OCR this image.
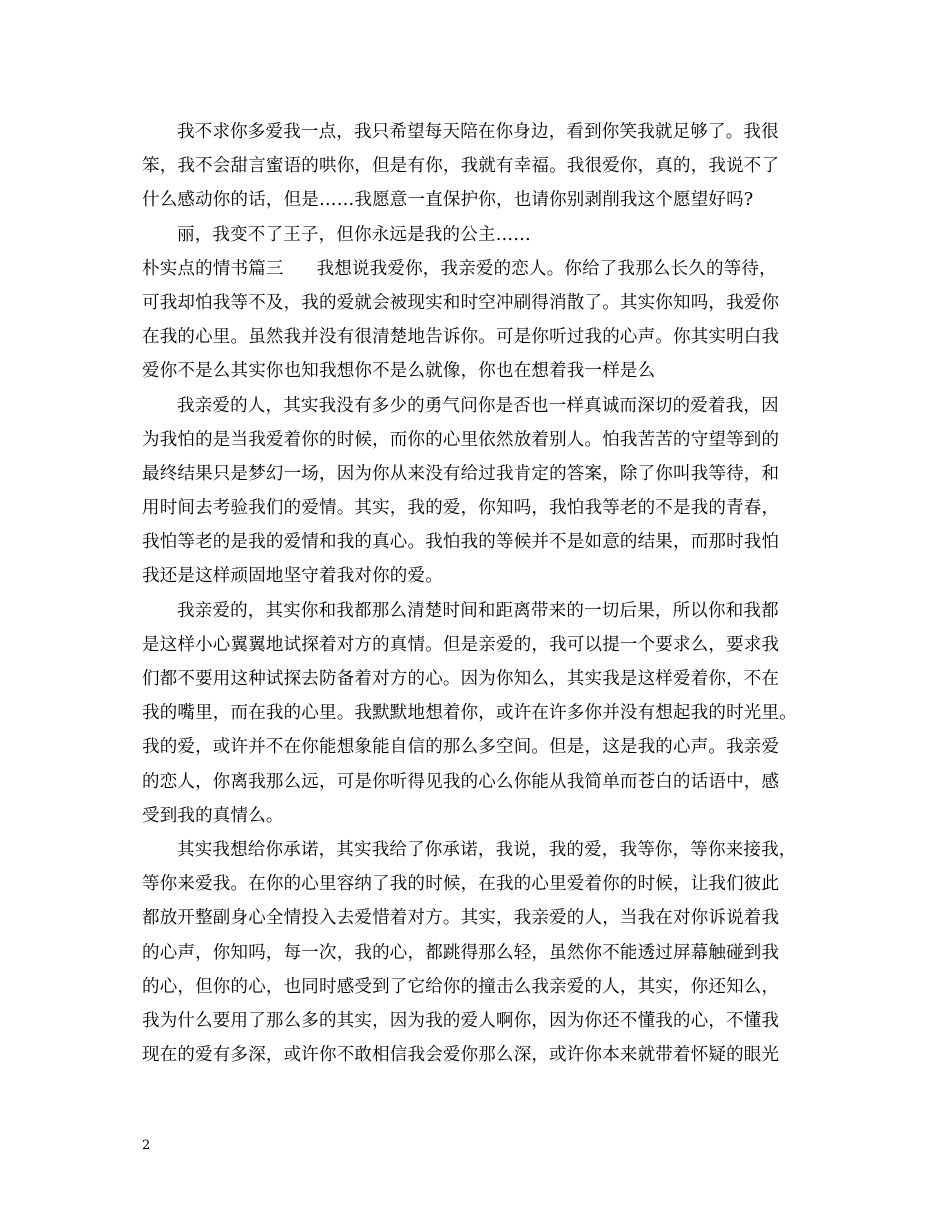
我不求你多爱我一点，我只希望每天陪在你身边，看到你笑我就足够了。我很
笨，我不会甜言蜜语的哄你，但是有你，我就有幸福。我很爱你，真的，我说不了
什么感动你的话，但是……我愿意一直保护你，也请你别剥削我这个愿望好吗?
丽，我变不了王子，但你永远是我的公主……
朴实点的情书篇三 我想说我爱你，我亲爱的恋人。你给了我那么长久的等待，
可我却怕我等不及，我的爱就会被现实和时空冲刷得消散了。其实你知吗，我爱你
在我的心里。虽然我并没有很清楚地告诉你。可是你听过我的心声。你其实明白我
爱你不是么其实你也知我想你不是么就像，你也在想着我一样是么
我亲爱的人，其实我没有多少的勇气问你是否也一样真诚而深切的爱着我，因
为我怕的是当我爱着你的时候，而你的心里依然放着别人。怕我苦苦的守望等到的
最终结果只是梦幻一场，因为你从来没有给过我肯定的答案，除了你叫我等待，和
用时间去考验我们的爱情。其实，我的爱，你知吗，我怕我等老的不是我的青春，
我怕等老的是我的爱情和我的真心。我怕我的等候并不是如意的结果，而那时我怕
我还是这样顽固地坚守着我对你的爱。
我亲爱的，其实你和我都那么清楚时间和距离带来的一切后果，所以你和我都
是这样小心翼翼地试探着对方的真情。但是亲爱的，我可以提一个要求么，要求我
们都不要用这种试探去防备着对方的心。因为你知么，其实我是这样爱着你，不在
我的嘴里，而在我的心里。我默默地想着你，或许在许多你并没有想起我的时光里。
我的爱，或许并不在你能想象能自信的那么多空间。但是，这是我的心声。我亲爱
的恋人，你离我那么远，可是你听得见我的心么你能从我简单而苍白的话语中，感
受到我的真情么。
其实我想给你承诺，其实我给了你承诺，我说，我的爱，我等你，等你来接我，
等你来爱我。在你的心里容纳了我的时候，在我的心里爱着你的时候，让我们彼此
都放开整副身心全情投入去爱惜着对方。其实，我亲爱的人，当我在对你诉说着我
的心声，你知吗，每一次，我的心，都跳得那么轻，虽然你不能透过屏幕触碰到我
的心，但你的心，也同时感受到了它给你的撞击么我亲爱的人，其实，你还知么，
我为什么要用了那么多的其实，因为我的爱人啊你，因为你还不懂我的心，不懂我
现在的爱有多深，或许你不敢相信我会爱你那么深，或许你本来就带着怀疑的眼光
2
